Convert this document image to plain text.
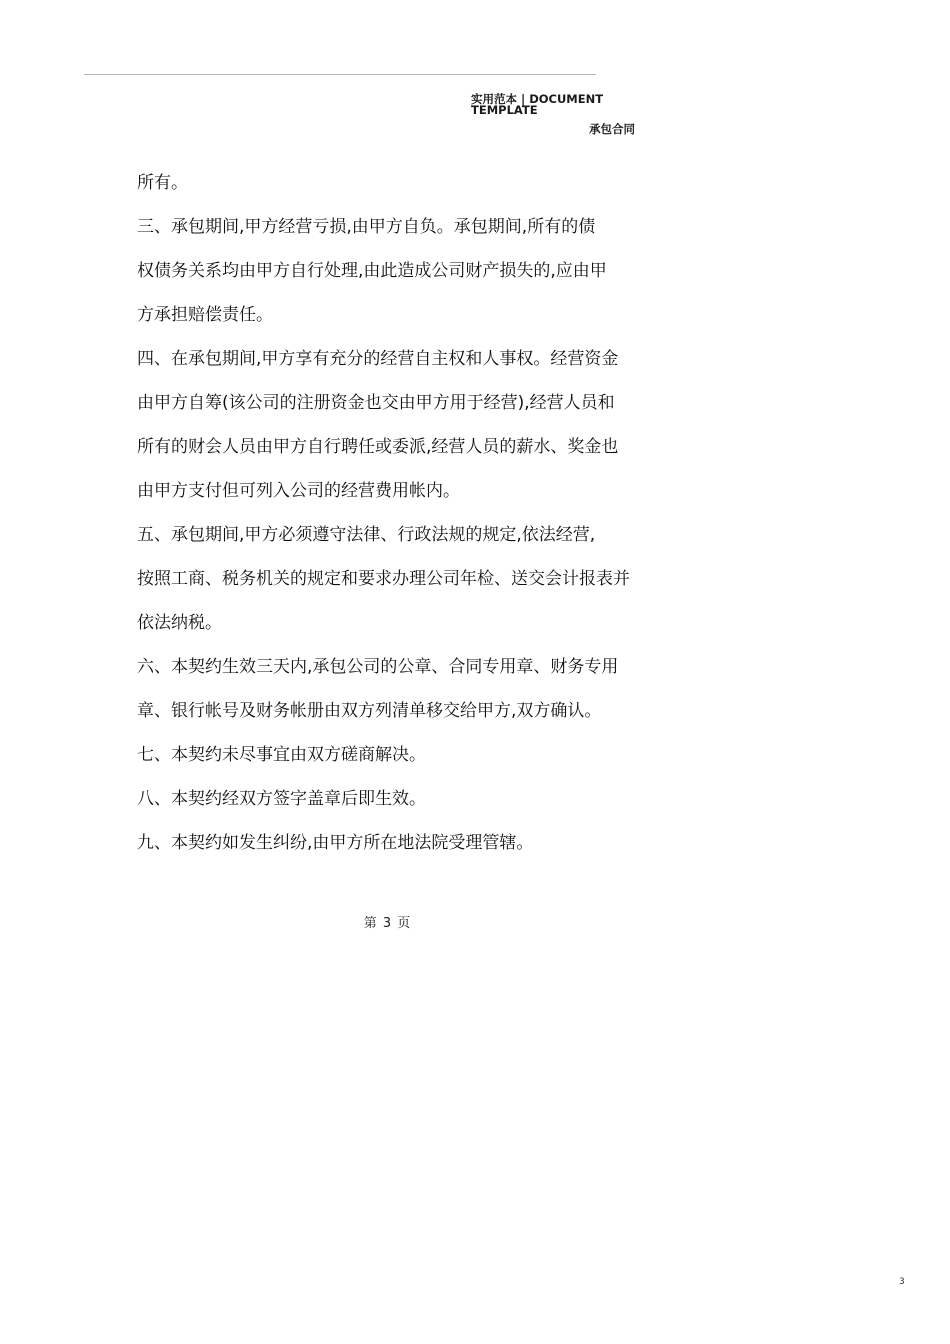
实用范本 | DOCUMENT TEMPLATE
承包合同
所有。
三、承包期间,甲方经营亏损,由甲方自负。承包期间,所有的债
权债务关系均由甲方自行处理,由此造成公司财产损失的,应由甲
方承担赔偿责任。
四、在承包期间,甲方享有充分的经营自主权和人事权。经营资金
由甲方自筹(该公司的注册资金也交由甲方用于经营),经营人员和
所有的财会人员由甲方自行聘任或委派,经营人员的薪水、奖金也
由甲方支付但可列入公司的经营费用帐内。
五、承包期间,甲方必须遵守法律、行政法规的规定,依法经营,
按照工商、税务机关的规定和要求办理公司年检、送交会计报表并
依法纳税。
六、本契约生效三天内,承包公司的公章、合同专用章、财务专用
章、银行帐号及财务帐册由双方列清单移交给甲方,双方确认。
七、本契约未尽事宜由双方磋商解决。
八、本契约经双方签字盖章后即生效。
九、本契约如发生纠纷,由甲方所在地法院受理管辖。
第 3 页
3
